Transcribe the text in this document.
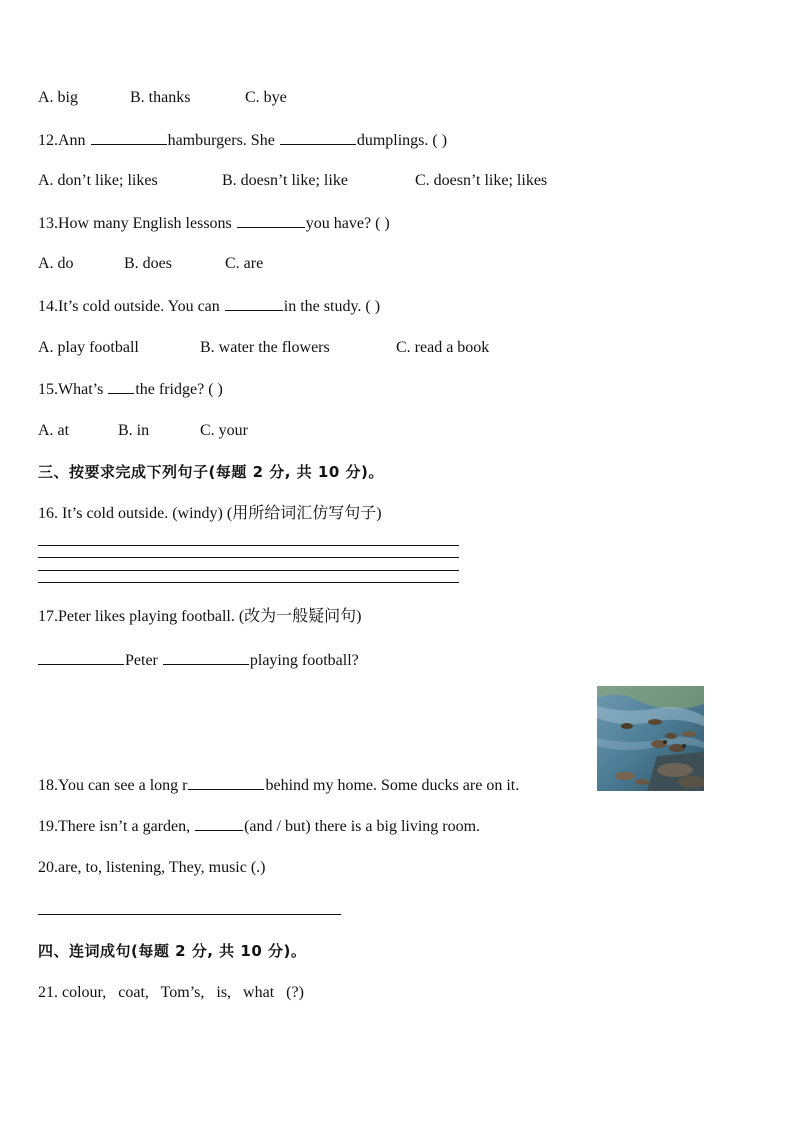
A. big	B. thanks	C. bye
12.Ann	hamburgers. She	dumplings. ( )
A. don’t like; likes	B. doesn’t like; like	C. doesn’t like; likes
13.How many English lessons	you have? ( )
A. do	B. does	C. are
14.It’s cold outside. You can	in the study. ( )
A. play football	B. water the flowers	C. read a book
15.What’s the fridge? ( )
A. at	B. in	C. your
三、按要求完成下列句子(每题 2 分, 共 10 分)。
16. It’s cold outside. (windy) (用所给词汇仿写句子)
17.Peter likes playing football. (改为一般疑问句)
Peter	playing football?
18.You can see a long r	behind my home. Some ducks are on it.
19.There isn’t a garden,	(and / but) there is a big living room.
20.are, to, listening, They, music (.)
四、连词成句(每题 2 分, 共 10 分)。
21. colour,   coat,   Tom’s,   is,   what   (?)
